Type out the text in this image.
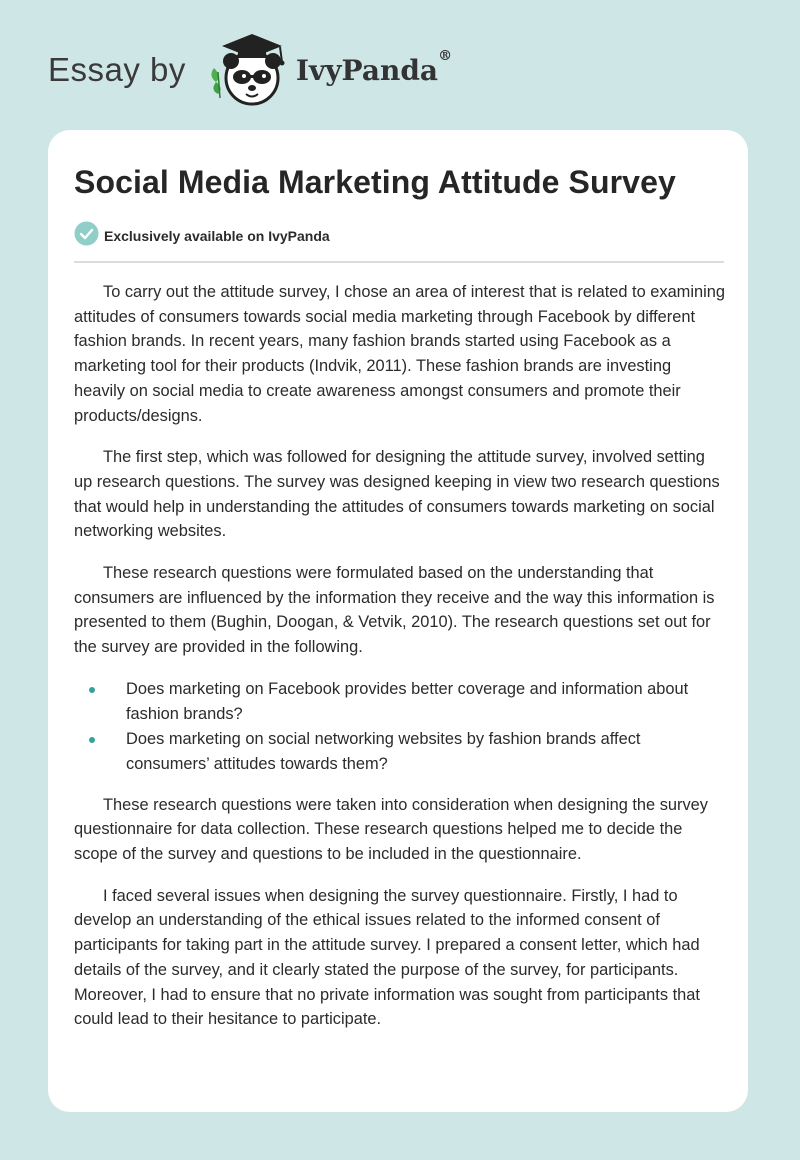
Essay by	IvyPanda®
Social Media Marketing Attitude Survey
Exclusively available on IvyPanda

To carry out the attitude survey, I chose an area of interest that is related to examining attitudes of consumers towards social media marketing through Facebook by different fashion brands. In recent years, many fashion brands started using Facebook as a marketing tool for their products (Indvik, 2011). These fashion brands are investing heavily on social media to create awareness amongst consumers and promote their products/designs.

The first step, which was followed for designing the attitude survey, involved setting up research questions. The survey was designed keeping in view two research questions that would help in understanding the attitudes of consumers towards marketing on social networking websites.

These research questions were formulated based on the understanding that consumers are influenced by the information they receive and the way this information is presented to them (Bughin, Doogan, & Vetvik, 2010). The research questions set out for the survey are provided in the following.

Does marketing on Facebook provides better coverage and information about fashion brands?
Does marketing on social networking websites by fashion brands affect consumers’ attitudes towards them?

These research questions were taken into consideration when designing the survey questionnaire for data collection. These research questions helped me to decide the scope of the survey and questions to be included in the questionnaire.

I faced several issues when designing the survey questionnaire. Firstly, I had to develop an understanding of the ethical issues related to the informed consent of participants for taking part in the attitude survey. I prepared a consent letter, which had details of the survey, and it clearly stated the purpose of the survey, for participants. Moreover, I had to ensure that no private information was sought from participants that could lead to their hesitance to participate.
